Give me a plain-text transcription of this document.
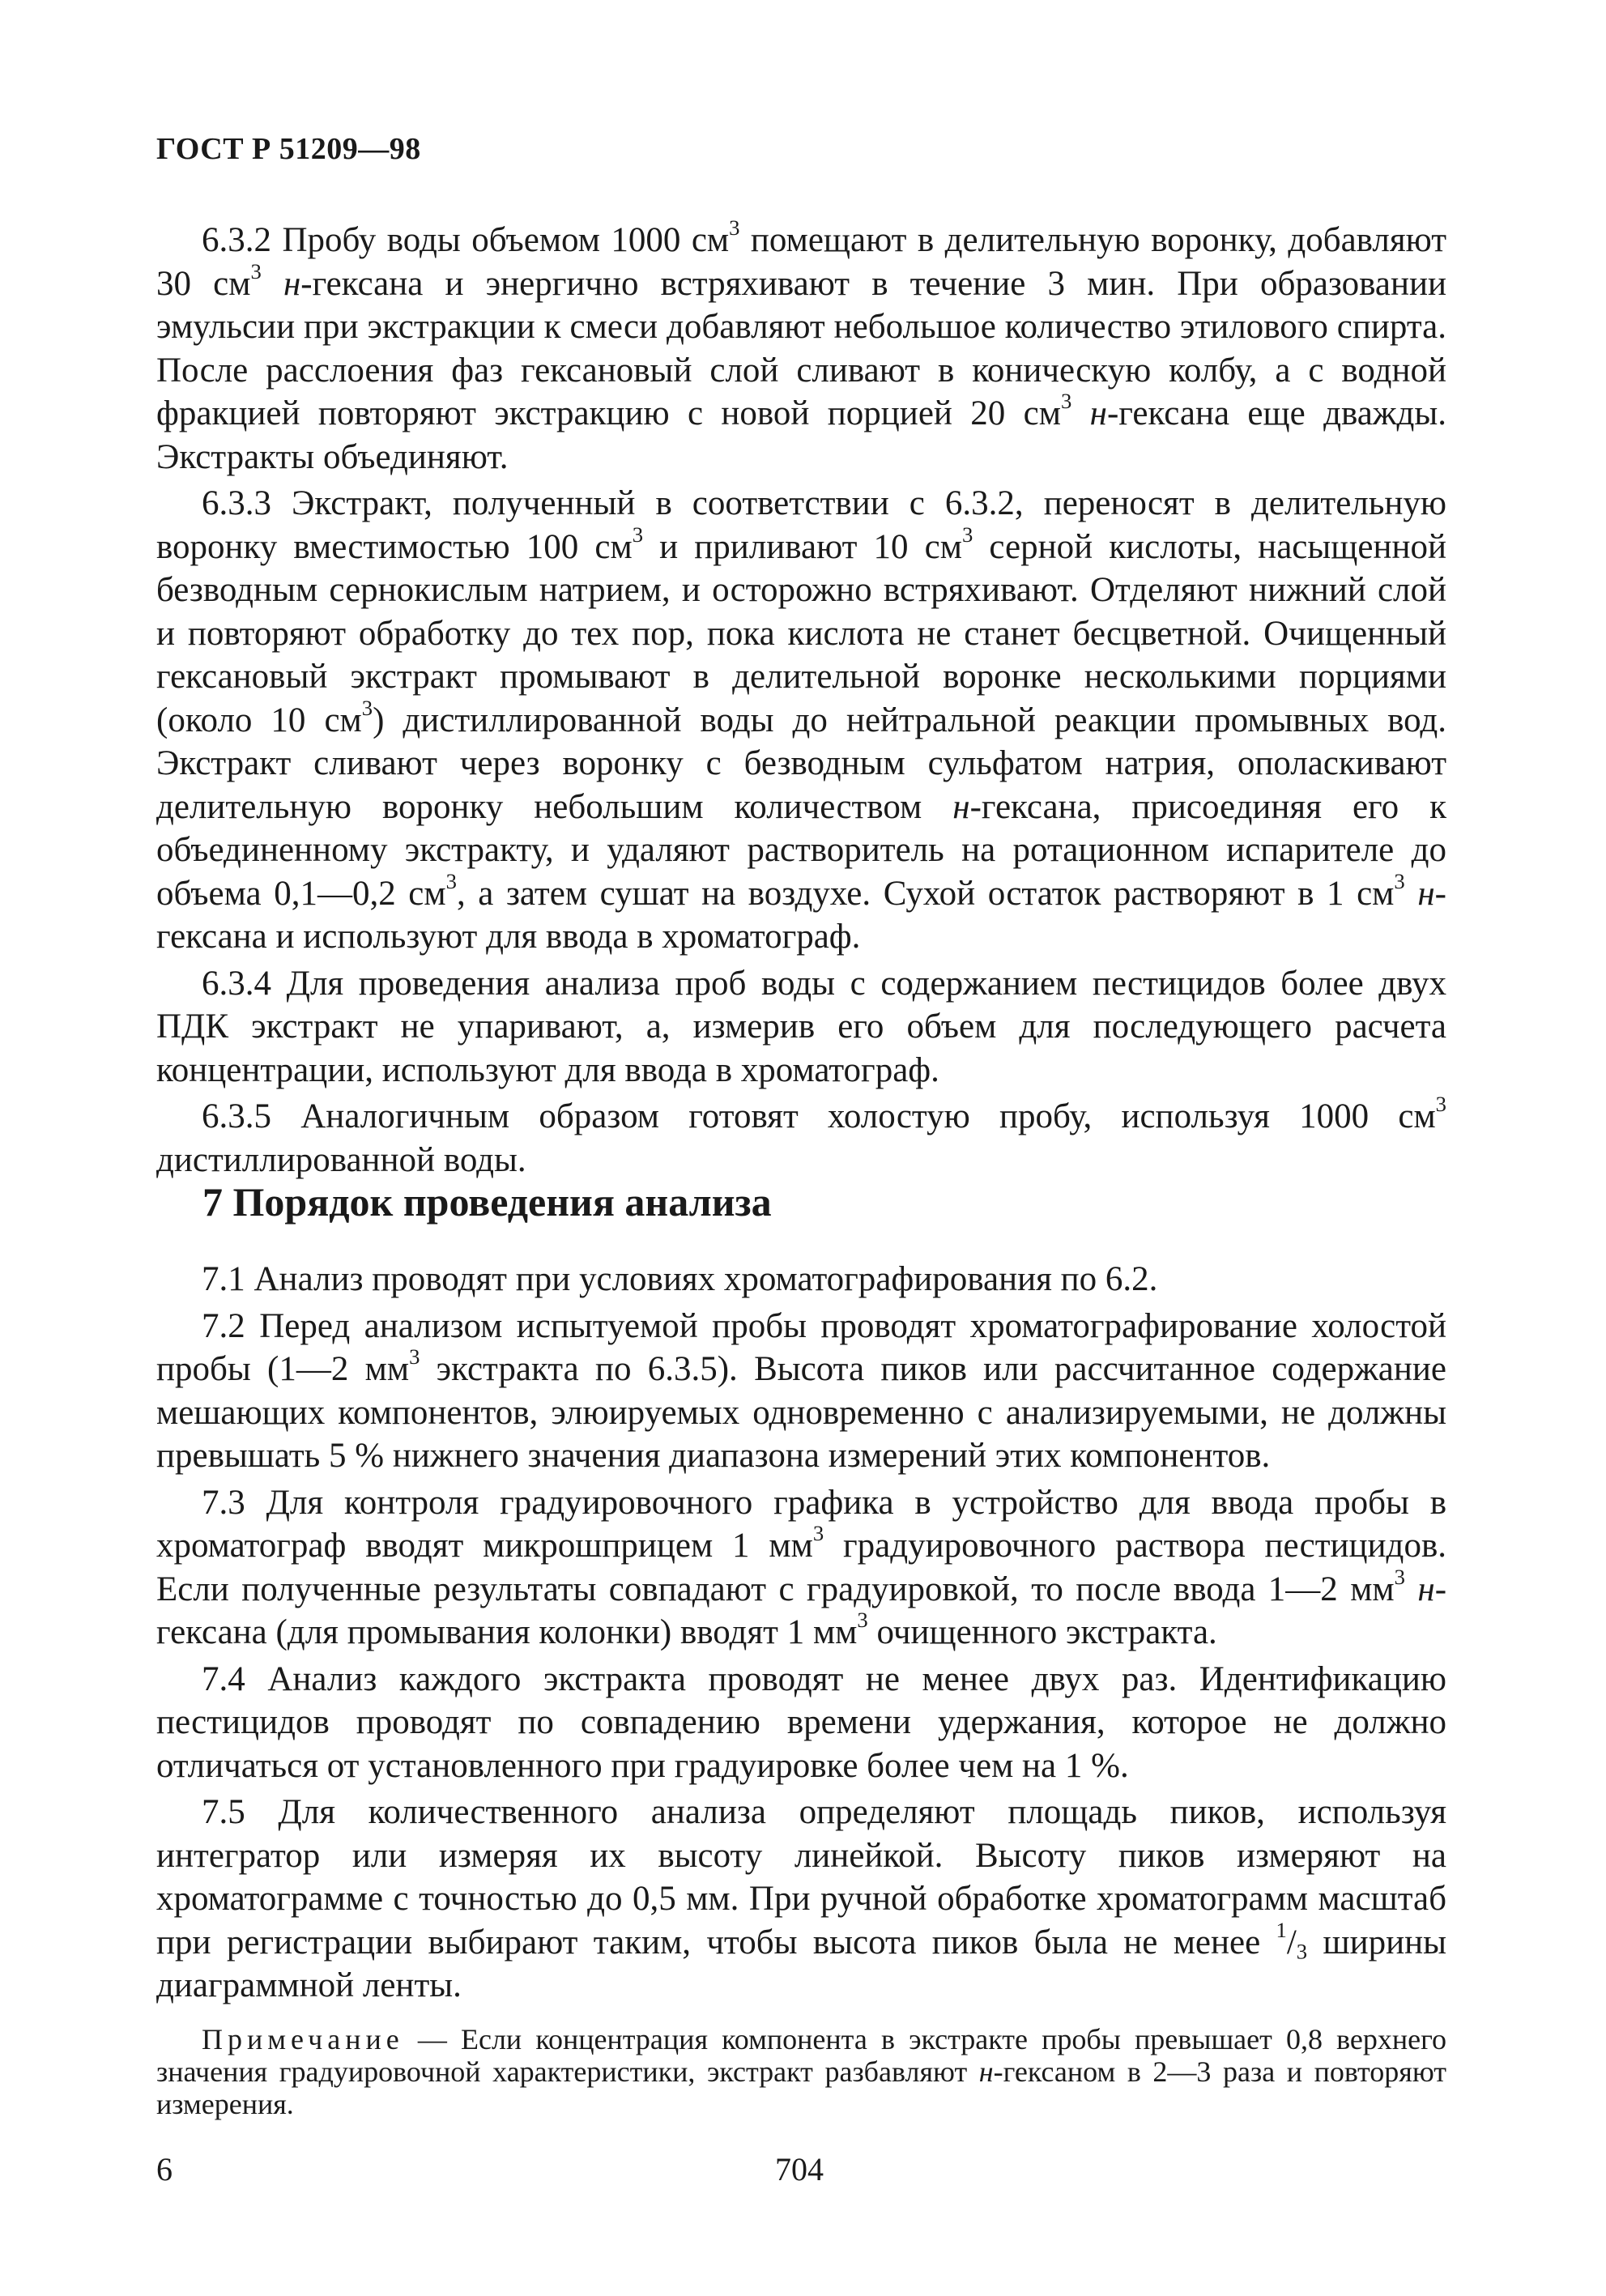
ГОСТ Р 51209—98

6.3.2 Пробу воды объемом 1000 $см^3$ помещают в делительную воронку, добавляют 30 $см^3$ н-гексана и энергично встряхивают в течение 3 мин. При образовании эмульсии при экстракции к смеси добавляют небольшое количество этилового спирта. После расслоения фаз гексановый слой сливают в коническую колбу, а с водной фракцией повторяют экстракцию с новой порцией 20 $см^3$ н-гексана еще дважды. Экстракты объединяют.

6.3.3 Экстракт, полученный в соответствии с 6.3.2, переносят в делительную воронку вместимостью 100 $см^3$ и приливают 10 $см^3$ серной кислоты, насыщенной безводным сернокислым натрием, и осторожно встряхивают. Отделяют нижний слой и повторяют обработку до тех пор, пока кислота не станет бесцветной. Очищенный гексановый экстракт промывают в делительной воронке несколькими порциями (около 10 $см^3$) дистиллированной воды до нейтральной реакции промывных вод. Экстракт сливают через воронку с безводным сульфатом натрия, ополаскивают делительную воронку небольшим количеством н-гексана, присоединяя его к объединенному экстракту, и удаляют растворитель на ротационном испарителе до объема 0,1—0,2 $см^3$, а затем сушат на воздухе. Сухой остаток растворяют в 1 $см^3$ н-гексана и используют для ввода в хроматограф.

6.3.4 Для проведения анализа проб воды с содержанием пестицидов более двух ПДК экстракт не упаривают, а, измерив его объем для последующего расчета концентрации, используют для ввода в хроматограф.

6.3.5 Аналогичным образом готовят холостую пробу, используя 1000 $см^3$ дистиллированной воды.

7 Порядок проведения анализа

7.1 Анализ проводят при условиях хроматографирования по 6.2.

7.2 Перед анализом испытуемой пробы проводят хроматографирование холостой пробы (1—2 $мм^3$ экстракта по 6.3.5). Высота пиков или рассчитанное содержание мешающих компонентов, элюируемых одновременно с анализируемыми, не должны превышать 5 % нижнего значения диапазона измерений этих компонентов.

7.3 Для контроля градуировочного графика в устройство для ввода пробы в хроматограф вводят микрошприцем 1 $мм^3$ градуировочного раствора пестицидов. Если полученные результаты совпадают с градуировкой, то после ввода 1—2 $мм^3$ н-гексана (для промывания колонки) вводят 1 $мм^3$ очищенного экстракта.

7.4 Анализ каждого экстракта проводят не менее двух раз. Идентификацию пестицидов проводят по совпадению времени удержания, которое не должно отличаться от установленного при градуировке более чем на 1 %.

7.5 Для количественного анализа определяют площадь пиков, используя интегратор или измеряя их высоту линейкой. Высоту пиков измеряют на хроматограмме с точностью до 0,5 мм. При ручной обработке хроматограмм масштаб при регистрации выбирают таким, чтобы высота пиков была не менее $^1/_3$ ширины диаграммной ленты.

Примечание — Если концентрация компонента в экстракте пробы превышает 0,8 верхнего значения градуировочной характеристики, экстракт разбавляют н-гексаном в 2—3 раза и повторяют измерения.

6	704
